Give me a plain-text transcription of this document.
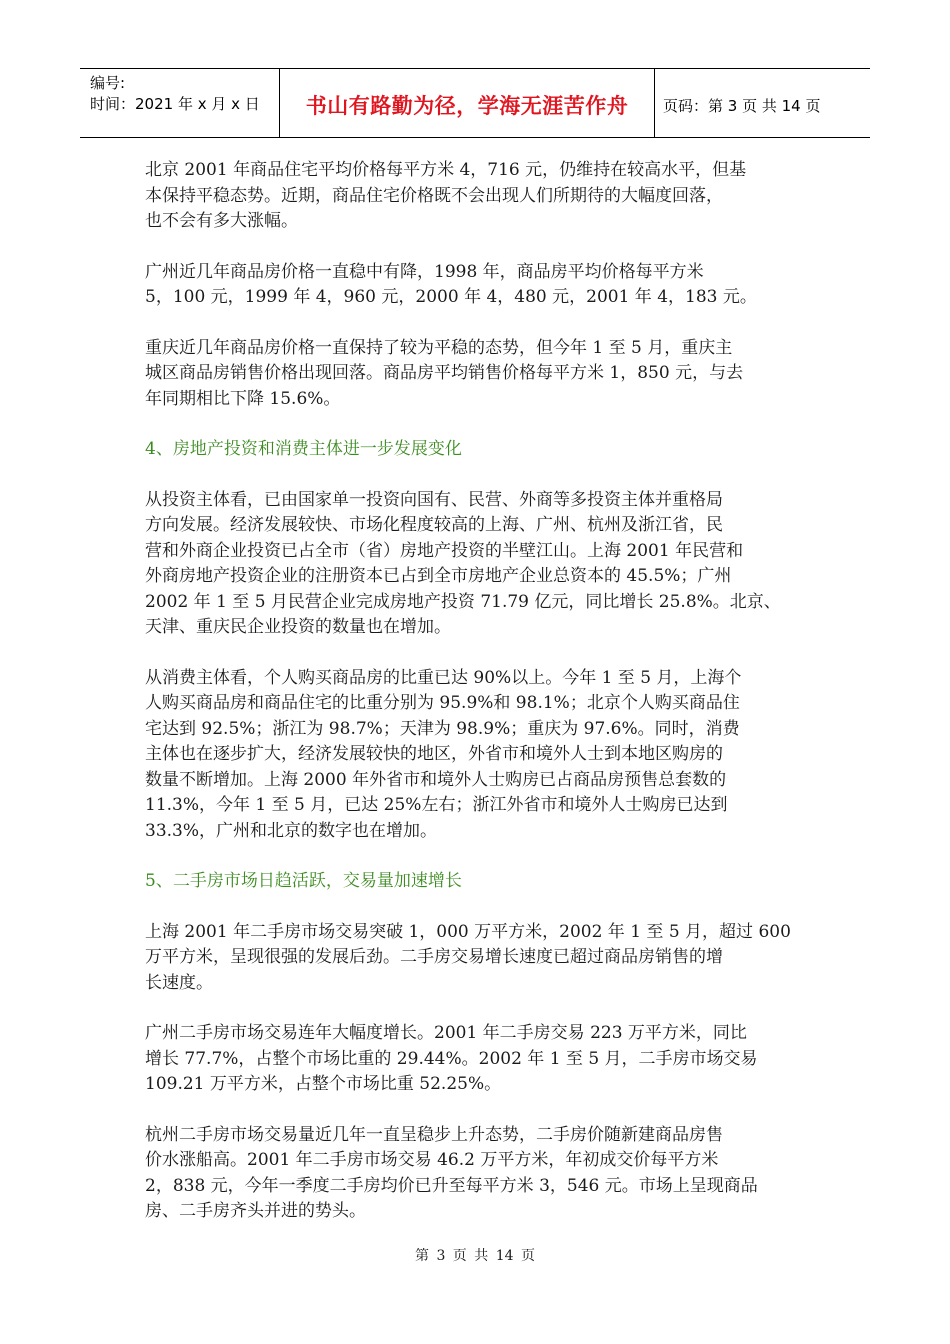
编号:
时间：2021 年 x 月 x 日	书山有路勤为径，学海无涯苦作舟	页码：第 3 页 共 14 页

北京 2001 年商品住宅平均价格每平方米 4，716 元，仍维持在较高水平，但基
本保持平稳态势。近期，商品住宅价格既不会出现人们所期待的大幅度回落，
也不会有多大涨幅。

广州近几年商品房价格一直稳中有降，1998 年，商品房平均价格每平方米
5，100 元，1999 年 4，960 元，2000 年 4，480 元，2001 年 4，183 元。

重庆近几年商品房价格一直保持了较为平稳的态势，但今年 1 至 5 月，重庆主
城区商品房销售价格出现回落。商品房平均销售价格每平方米 1，850 元，与去
年同期相比下降 15.6%。

4、房地产投资和消费主体进一步发展变化

从投资主体看，已由国家单一投资向国有、民营、外商等多投资主体并重格局
方向发展。经济发展较快、市场化程度较高的上海、广州、杭州及浙江省，民
营和外商企业投资已占全市（省）房地产投资的半壁江山。上海 2001 年民营和
外商房地产投资企业的注册资本已占到全市房地产企业总资本的 45.5%；广州
2002 年 1 至 5 月民营企业完成房地产投资 71.79 亿元，同比增长 25.8%。北京、
天津、重庆民企业投资的数量也在增加。

从消费主体看，个人购买商品房的比重已达 90%以上。今年 1 至 5 月，上海个
人购买商品房和商品住宅的比重分别为 95.9%和 98.1%；北京个人购买商品住
宅达到 92.5%；浙江为 98.7%；天津为 98.9%；重庆为 97.6%。同时，消费
主体也在逐步扩大，经济发展较快的地区，外省市和境外人士到本地区购房的
数量不断增加。上海 2000 年外省市和境外人士购房已占商品房预售总套数的
11.3%，今年 1 至 5 月，已达 25%左右；浙江外省市和境外人士购房已达到
33.3%，广州和北京的数字也在增加。

5、二手房市场日趋活跃，交易量加速增长

上海 2001 年二手房市场交易突破 1，000 万平方米，2002 年 1 至 5 月，超过 600
万平方米，呈现很强的发展后劲。二手房交易增长速度已超过商品房销售的增
长速度。

广州二手房市场交易连年大幅度增长。2001 年二手房交易 223 万平方米，同比
增长 77.7%，占整个市场比重的 29.44%。2002 年 1 至 5 月，二手房市场交易
109.21 万平方米，占整个市场比重 52.25%。

杭州二手房市场交易量近几年一直呈稳步上升态势，二手房价随新建商品房售
价水涨船高。2001 年二手房市场交易 46.2 万平方米，年初成交价每平方米
2，838 元，今年一季度二手房均价已升至每平方米 3，546 元。市场上呈现商品
房、二手房齐头并进的势头。

第 3 页 共 14 页
